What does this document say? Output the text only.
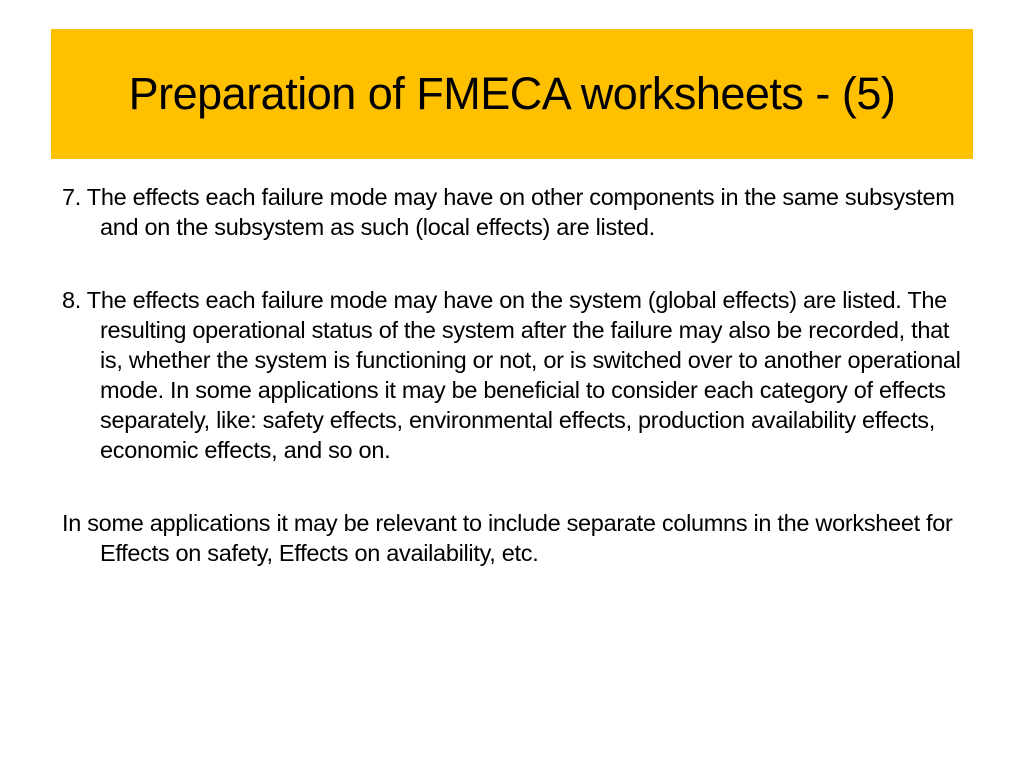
Preparation of FMECA worksheets - (5)

7. The effects each failure mode may have on other components in the same subsystem and on the subsystem as such (local effects) are listed.

8. The effects each failure mode may have on the system (global effects) are listed. The resulting operational status of the system after the failure may also be recorded, that is, whether the system is functioning or not, or is switched over to another operational mode. In some applications it may be beneficial to consider each category of effects separately, like: safety effects, environmental effects, production availability effects, economic effects, and so on.

In some applications it may be relevant to include separate columns in the worksheet for Effects on safety, Effects on availability, etc.
